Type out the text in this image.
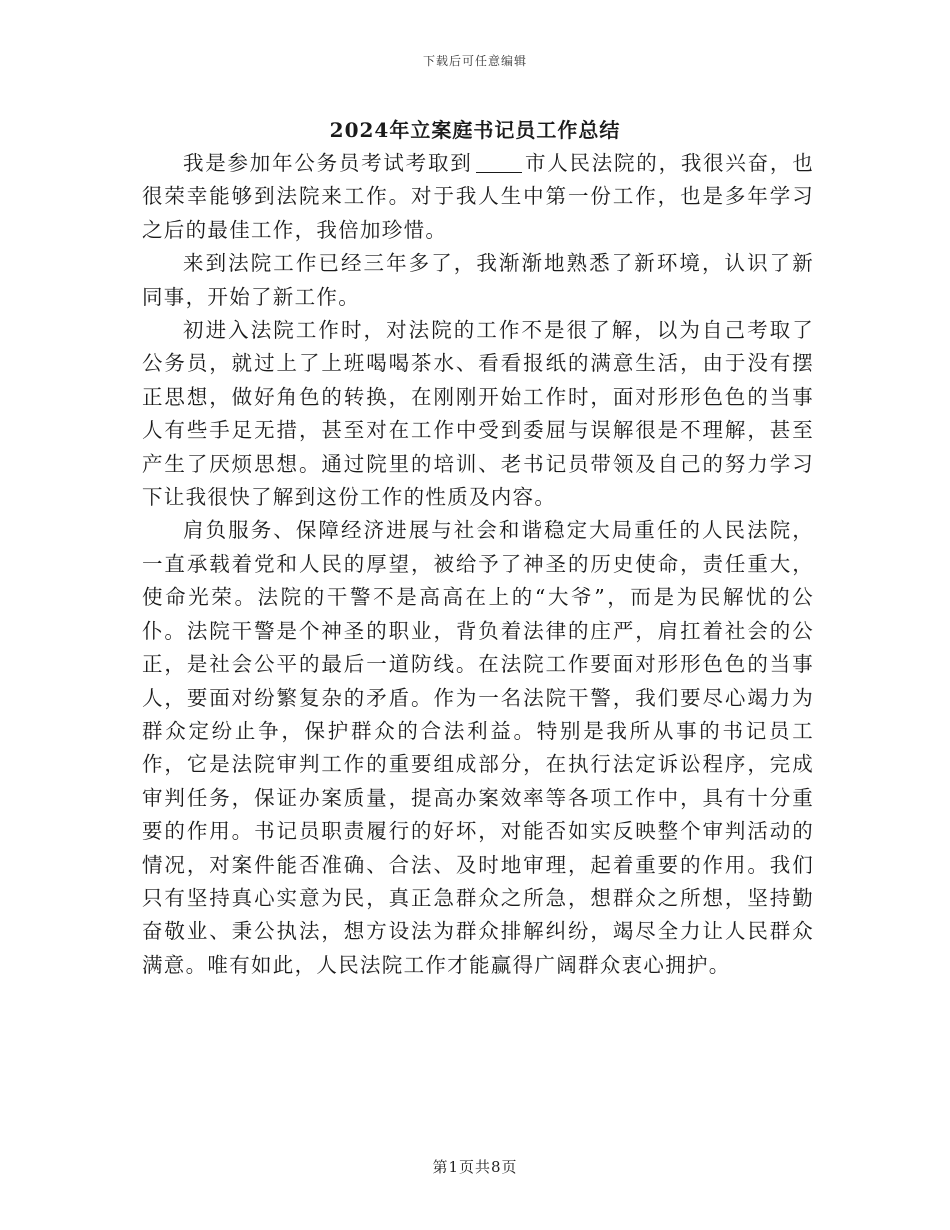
下载后可任意编辑
2024年立案庭书记员工作总结

我是参加年公务员考试考取到	市人民法院的，我很兴奋，也很荣幸能够到法院来工作。对于我人生中第一份工作，也是多年学习之后的最佳工作，我倍加珍惜。

来到法院工作已经三年多了，我渐渐地熟悉了新环境，认识了新同事，开始了新工作。

初进入法院工作时，对法院的工作不是很了解，以为自己考取了公务员，就过上了上班喝喝茶水、看看报纸的满意生活，由于没有摆正思想，做好角色的转换，在刚刚开始工作时，面对形形色色的当事人有些手足无措，甚至对在工作中受到委屈与误解很是不理解，甚至产生了厌烦思想。通过院里的培训、老书记员带领及自己的努力学习下让我很快了解到这份工作的性质及内容。

肩负服务、保障经济进展与社会和谐稳定大局重任的人民法院，一直承载着党和人民的厚望，被给予了神圣的历史使命，责任重大，使命光荣。法院的干警不是高高在上的“大爷”，而是为民解忧的公仆。法院干警是个神圣的职业，背负着法律的庄严，肩扛着社会的公正，是社会公平的最后一道防线。在法院工作要面对形形色色的当事人，要面对纷繁复杂的矛盾。作为一名法院干警，我们要尽心竭力为群众定纷止争，保护群众的合法利益。特别是我所从事的书记员工作，它是法院审判工作的重要组成部分，在执行法定诉讼程序，完成审判任务，保证办案质量，提高办案效率等各项工作中，具有十分重要的作用。书记员职责履行的好坏，对能否如实反映整个审判活动的情况，对案件能否准确、合法、及时地审理，起着重要的作用。我们只有坚持真心实意为民，真正急群众之所急，想群众之所想，坚持勤奋敬业、秉公执法，想方设法为群众排解纠纷，竭尽全力让人民群众满意。唯有如此，人民法院工作才能赢得广阔群众衷心拥护。

第1页共8页
